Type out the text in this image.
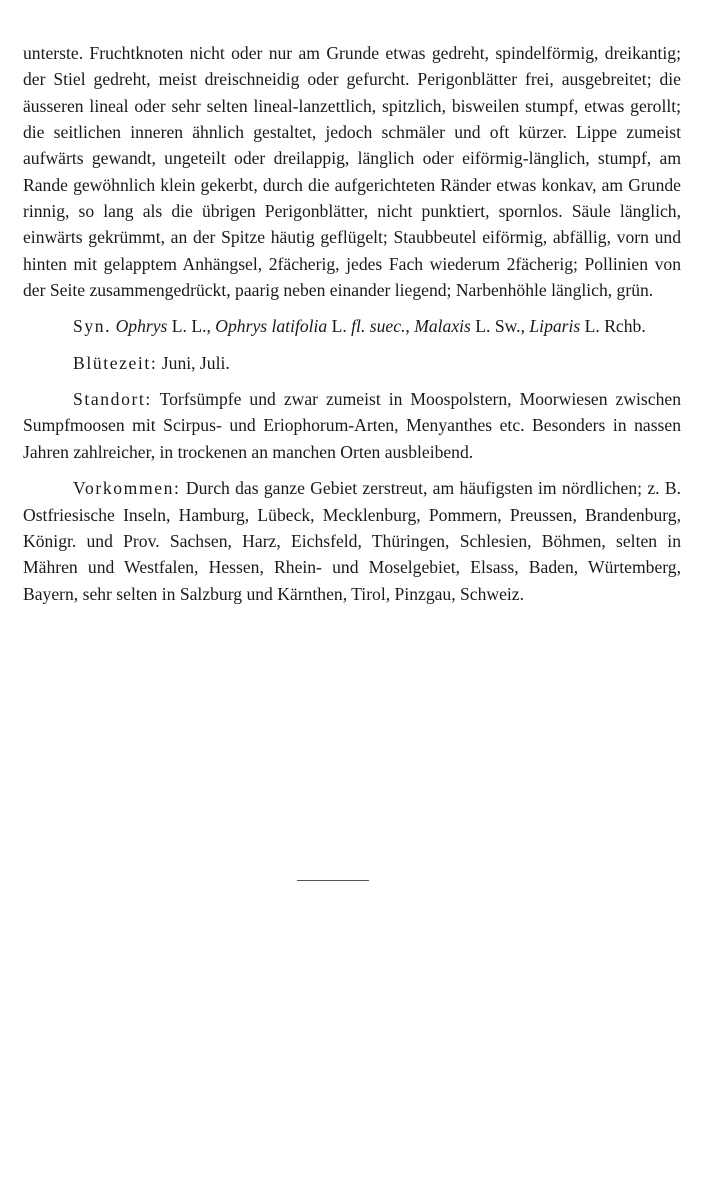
unterste. Fruchtknoten nicht oder nur am Grunde etwas gedreht, spindelförmig, dreikantig; der Stiel gedreht, meist dreischneidig oder gefurcht. Perigonblätter frei, ausgebreitet; die äusseren lineal oder sehr selten lineal-lanzettlich, spitzlich, bisweilen stumpf, etwas gerollt; die seitlichen inneren ähnlich gestaltet, jedoch schmäler und oft kürzer. Lippe zumeist aufwärts gewandt, ungeteilt oder dreilappig, länglich oder eiförmig-länglich, stumpf, am Rande gewöhnlich klein gekerbt, durch die aufgerichteten Ränder etwas konkav, am Grunde rinnig, so lang als die übrigen Perigonblätter, nicht punktiert, spornlos. Säule länglich, einwärts gekrümmt, an der Spitze häutig geflügelt; Staubbeutel eiförmig, abfällig, vorn und hinten mit gelapptem Anhängsel, 2fächerig, jedes Fach wiederum 2fächerig; Pollinien von der Seite zusammengedrückt, paarig neben einander liegend; Narbenhöhle länglich, grün.

Syn. Ophrys L. L., Ophrys latifolia L. fl. suec., Malaxis L. Sw., Liparis L. Rchb.

Blütezeit: Juni, Juli.

Standort: Torfsümpfe und zwar zumeist in Moospolstern, Moorwiesen zwischen Sumpfmoosen mit Scirpus- und Eriophorum-Arten, Menyanthes etc. Besonders in nassen Jahren zahlreicher, in trockenen an manchen Orten ausbleibend.

Vorkommen: Durch das ganze Gebiet zerstreut, am häufigsten im nördlichen; z. B. Ostfriesische Inseln, Hamburg, Lübeck, Mecklenburg, Pommern, Preussen, Brandenburg, Königr. und Prov. Sachsen, Harz, Eichsfeld, Thüringen, Schlesien, Böhmen, selten in Mähren und Westfalen, Hessen, Rhein- und Moselgebiet, Elsass, Baden, Würtemberg, Bayern, sehr selten in Salzburg und Kärnthen, Tirol, Pinzgau, Schweiz.
